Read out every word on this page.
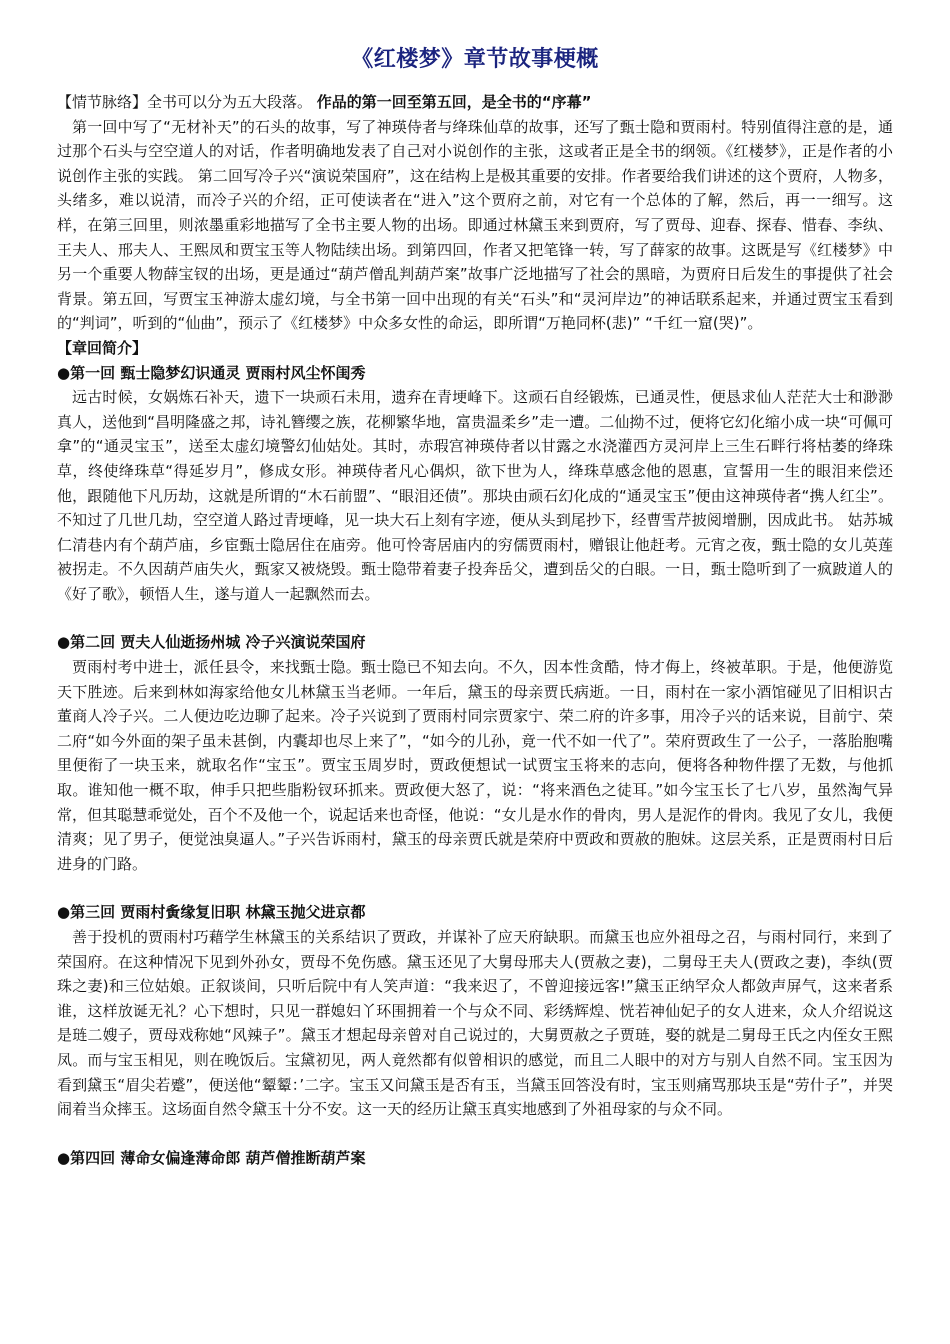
《红楼梦》章节故事梗概

【情节脉络】全书可以分为五大段落。 作品的第一回至第五回，是全书的“序幕”

第一回中写了“无材补天”的石头的故事，写了神瑛侍者与绛珠仙草的故事，还写了甄士隐和贾雨村。特别值得注意的是，通过那个石头与空空道人的对话，作者明确地发表了自己对小说创作的主张，这或者正是全书的纲领。《红楼梦》，正是作者的小说创作主张的实践。 第二回写冷子兴“演说荣国府”，这在结构上是极其重要的安排。作者要给我们讲述的这个贾府，人物多，头绪多，难以说清，而冷子兴的介绍，正可使读者在“进入”这个贾府之前，对它有一个总体的了解，然后，再一一细写。这样，在第三回里，则浓墨重彩地描写了全书主要人物的出场。即通过林黛玉来到贾府，写了贾母、迎春、探春、惜春、李纨、王夫人、邢夫人、王熙凤和贾宝玉等人物陆续出场。到第四回，作者又把笔锋一转，写了薛家的故事。这既是写《红楼梦》中另一个重要人物薛宝钗的出场，更是通过“葫芦僧乱判葫芦案”故事广泛地描写了社会的黑暗，为贾府日后发生的事提供了社会背景。第五回，写贾宝玉神游太虚幻境，与全书第一回中出现的有关“石头”和“灵河岸边”的神话联系起来，并通过贾宝玉看到的“判词”，听到的“仙曲”，预示了《红楼梦》中众多女性的命运，即所谓“万艳同杯(悲)” “千红一窟(哭)”。

【章回简介】

●第一回 甄士隐梦幻识通灵 贾雨村风尘怀闺秀

远古时候，女娲炼石补天，遗下一块顽石未用，遗弃在青埂峰下。这顽石自经锻炼，已通灵性，便恳求仙人茫茫大士和渺渺真人，送他到“昌明隆盛之邦，诗礼簪缨之族，花柳繁华地，富贵温柔乡”走一遭。二仙拗不过，便将它幻化缩小成一块“可佩可拿”的“通灵宝玉”，送至太虚幻境警幻仙姑处。其时，赤瑕宫神瑛侍者以甘露之水浇灌西方灵河岸上三生石畔行将枯萎的绛珠草，终使绛珠草“得延岁月”，修成女形。神瑛侍者凡心偶炽，欲下世为人，绛珠草感念他的恩惠，宣誓用一生的眼泪来偿还他，跟随他下凡历劫，这就是所谓的“木石前盟”、“眼泪还债”。那块由顽石幻化成的“通灵宝玉”便由这神瑛侍者“携人红尘”。不知过了几世几劫，空空道人路过青埂峰，见一块大石上刻有字迹，便从头到尾抄下，经曹雪芹披阅增删，因成此书。 姑苏城仁清巷内有个葫芦庙，乡宦甄士隐居住在庙旁。他可怜寄居庙内的穷儒贾雨村，赠银让他赶考。元宵之夜，甄士隐的女儿英莲被拐走。不久因葫芦庙失火，甄家又被烧毁。甄士隐带着妻子投奔岳父，遭到岳父的白眼。一日，甄士隐听到了一疯跛道人的《好了歌》，顿悟人生，遂与道人一起飘然而去。

●第二回 贾夫人仙逝扬州城 冷子兴演说荣国府

贾雨村考中进士，派任县令，来找甄士隐。甄士隐已不知去向。不久，因本性贪酷，恃才侮上，终被革职。于是，他便游览天下胜迹。后来到林如海家给他女儿林黛玉当老师。一年后，黛玉的母亲贾氏病逝。一日，雨村在一家小酒馆碰见了旧相识古董商人冷子兴。二人便边吃边聊了起来。冷子兴说到了贾雨村同宗贾家宁、荣二府的许多事，用冷子兴的话来说，目前宁、荣二府“如今外面的架子虽未甚倒，内囊却也尽上来了”，“如今的儿孙，竟一代不如一代了”。荣府贾政生了一公子，一落胎胞嘴里便衔了一块玉来，就取名作“宝玉”。贾宝玉周岁时，贾政便想试一试贾宝玉将来的志向，便将各种物件摆了无数，与他抓取。谁知他一概不取，伸手只把些脂粉钗环抓来。贾政便大怒了，说：“将来酒色之徒耳。”如今宝玉长了七八岁，虽然淘气异常，但其聪慧乖觉处，百个不及他一个，说起话来也奇怪，他说：“女儿是水作的骨肉，男人是泥作的骨肉。我见了女儿，我便清爽；见了男子，便觉浊臭逼人。”子兴告诉雨村，黛玉的母亲贾氏就是荣府中贾政和贾赦的胞妹。这层关系，正是贾雨村日后进身的门路。

●第三回 贾雨村夤缘复旧职 林黛玉抛父进京都

善于投机的贾雨村巧藉学生林黛玉的关系结识了贾政，并谋补了应天府缺职。而黛玉也应外祖母之召，与雨村同行，来到了荣国府。在这种情况下见到外孙女，贾母不免伤感。黛玉还见了大舅母邢夫人(贾赦之妻)，二舅母王夫人(贾政之妻)，李纨(贾珠之妻)和三位姑娘。正叙谈间，只听后院中有人笑声道：“我来迟了，不曾迎接远客!”黛玉正纳罕众人都敛声屏气，这来者系谁，这样放诞无礼？心下想时，只见一群媳妇丫环围拥着一个与众不同、彩绣辉煌、恍若神仙妃子的女人进来，众人介绍说这是琏二嫂子，贾母戏称她“风辣子”。黛玉才想起母亲曾对自己说过的，大舅贾赦之子贾琏，娶的就是二舅母王氏之内侄女王熙凤。而与宝玉相见，则在晚饭后。宝黛初见，两人竟然都有似曾相识的感觉，而且二人眼中的对方与别人自然不同。宝玉因为看到黛玉“眉尖若蹙”，便送他“颦颦：’二字。宝玉又问黛玉是否有玉，当黛玉回答没有时，宝玉则痛骂那块玉是“劳什子”，并哭闹着当众摔玉。这场面自然令黛玉十分不安。这一天的经历让黛玉真实地感到了外祖母家的与众不同。

●第四回 薄命女偏逢薄命郎 葫芦僧推断葫芦案
